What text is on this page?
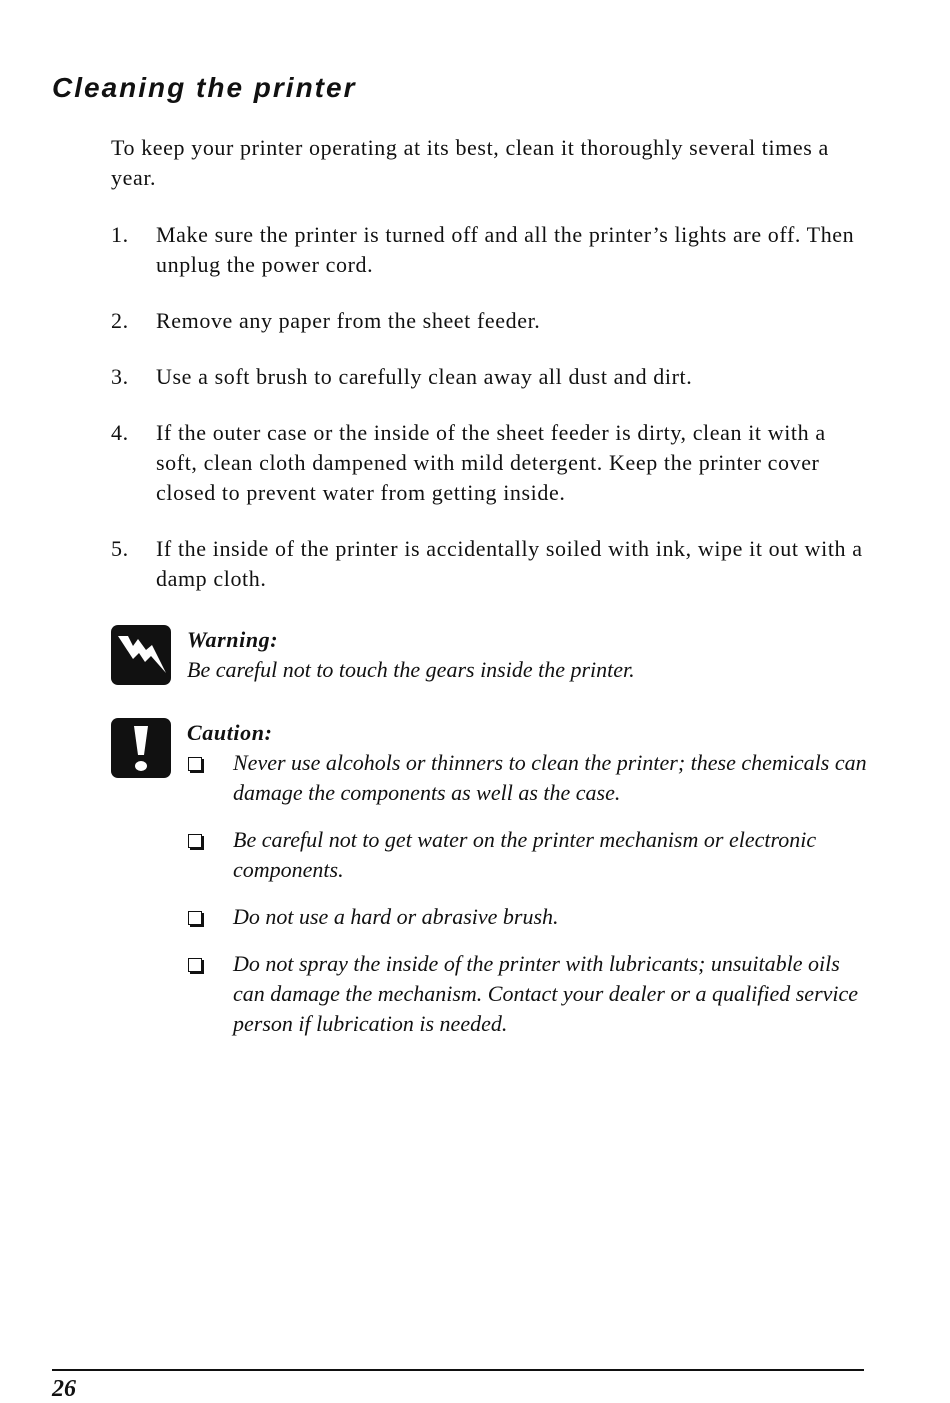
Cleaning the printer

To keep your printer operating at its best, clean it thoroughly several times a year.

1.	Make sure the printer is turned off and all the printer’s lights are off. Then unplug the power cord.
2.	Remove any paper from the sheet feeder.
3.	Use a soft brush to carefully clean away all dust and dirt.
4.	If the outer case or the inside of the sheet feeder is dirty, clean it with a soft, clean cloth dampened with mild detergent. Keep the printer cover closed to prevent water from getting inside.
5.	If the inside of the printer is accidentally soiled with ink, wipe it out with a damp cloth.
Warning:
Be careful not to touch the gears inside the printer.
Caution:
Never use alcohols or thinners to clean the printer; these chemicals can damage the components as well as the case.
Be careful not to get water on the printer mechanism or electronic components.
Do not use a hard or abrasive brush.
Do not spray the inside of the printer with lubricants; unsuitable oils can damage the mechanism. Contact your dealer or a qualified service person if lubrication is needed.
26
